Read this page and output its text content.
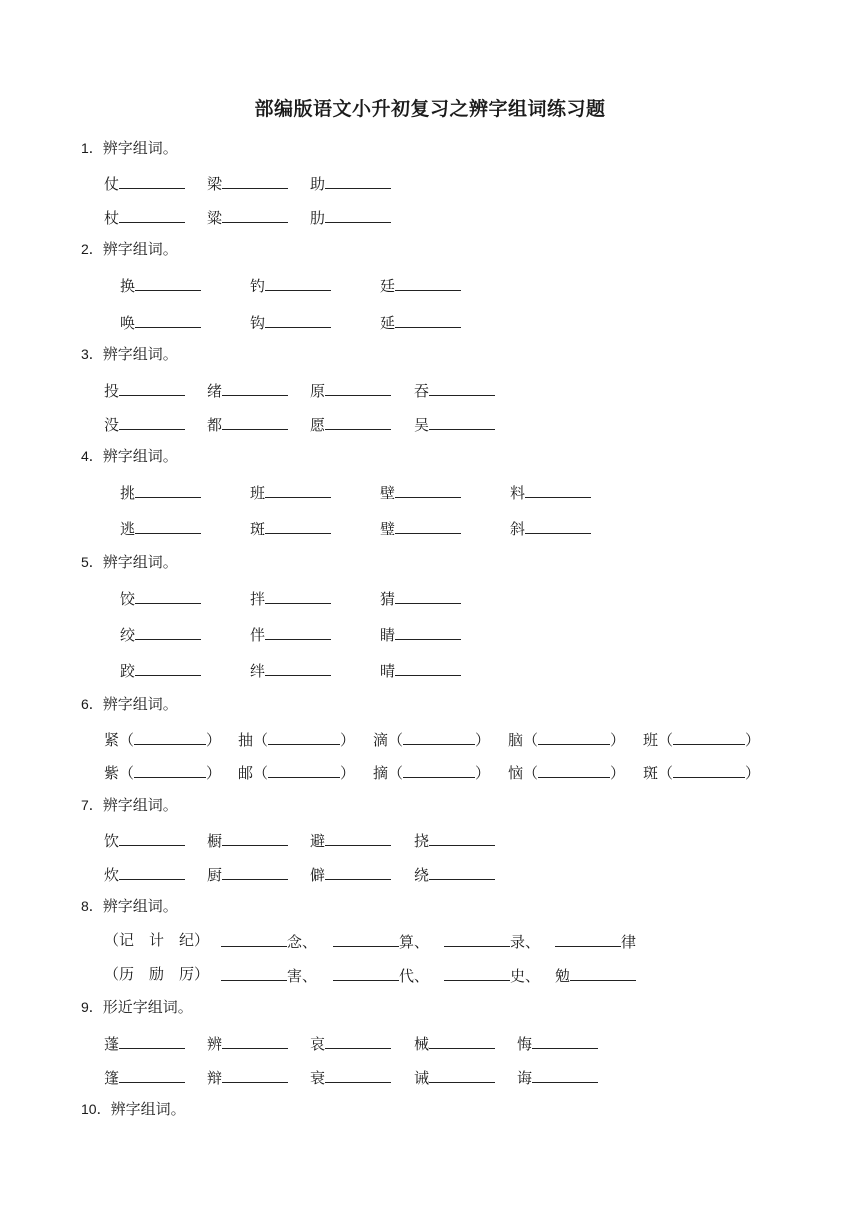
部编版语文小升初复习之辨字组词练习题
1．辨字组词。
仗	梁	助
杖	粱	肋
2．辨字组词。
换	钓	廷
唤	钩	延
3．辨字组词。
投	绪	原	吞
没	都	愿	吴
4．辨字组词。
挑	班	壁	料
逃	斑	璧	斜
5．辨字组词。
饺	拌	猜
绞	伴	睛
跤	绊	晴
6．辨字组词。
紧（	） 抽（	） 滴（	） 脑（	） 班（	）
紫（	） 邮（	） 摘（	） 恼（	） 斑（	）
7．辨字组词。
饮	橱	避	挠
炊	厨	僻	绕
8．辨字组词。
（记　计　纪）	念、	算、	录、	律
（历　励　厉）	害、	代、	史、 勉
9．形近字组词。
蓬	辨	哀	械	悔
篷	辩	衰	诫	诲
10．辨字组词。
